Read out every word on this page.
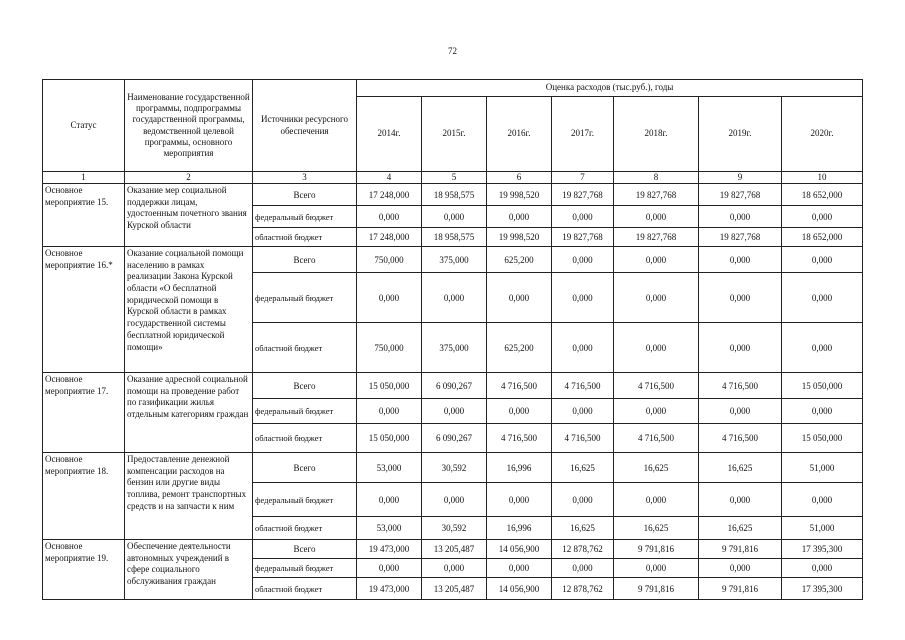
72
Статус	Наименование государственной программы, подпрограммы государственной программы, ведомственной целевой программы, основного мероприятия	Источники ресурсного обеспечения	Оценка расходов (тыс.руб.), годы						
			2014г.	2015г.	2016г.	2017г.	2018г.	2019г.	2020г.
1	2	3	4	5	6	7	8	9	10
Основное мероприятие 15.	Оказание мер социальной поддержки лицам, удостоенным почетного звания Курской области	Всего	17 248,000	18 958,575	19 998,520	19 827,768	19 827,768	19 827,768	18 652,000
		федеральный бюджет	0,000	0,000	0,000	0,000	0,000	0,000	0,000
		областной бюджет	17 248,000	18 958,575	19 998,520	19 827,768	19 827,768	19 827,768	18 652,000
Основное мероприятие 16.*	Оказание социальной помощи населению в рамках реализации Закона Курской области «О бесплатной юридической помощи в Курской области в рамках государственной системы бесплатной юридической помощи»	Всего	750,000	375,000	625,200	0,000	0,000	0,000	0,000
		федеральный бюджет	0,000	0,000	0,000	0,000	0,000	0,000	0,000
		областной бюджет	750,000	375,000	625,200	0,000	0,000	0,000	0,000
Основное мероприятие 17.	Оказание адресной социальной помощи на проведение работ по газификации жилья отдельным категориям граждан	Всего	15 050,000	6 090,267	4 716,500	4 716,500	4 716,500	4 716,500	15 050,000
		федеральный бюджет	0,000	0,000	0,000	0,000	0,000	0,000	0,000
		областной бюджет	15 050,000	6 090,267	4 716,500	4 716,500	4 716,500	4 716,500	15 050,000
Основное мероприятие 18.	Предоставление денежной компенсации расходов на бензин или другие виды топлива, ремонт транспортных средств и на запчасти к ним	Всего	53,000	30,592	16,996	16,625	16,625	16,625	51,000
		федеральный бюджет	0,000	0,000	0,000	0,000	0,000	0,000	0,000
		областной бюджет	53,000	30,592	16,996	16,625	16,625	16,625	51,000
Основное мероприятие 19.	Обеспечение деятельности автономных учреждений в сфере социального обслуживания граждан	Всего	19 473,000	13 205,487	14 056,900	12 878,762	9 791,816	9 791,816	17 395,300
		федеральный бюджет	0,000	0,000	0,000	0,000	0,000	0,000	0,000
		областной бюджет	19 473,000	13 205,487	14 056,900	12 878,762	9 791,816	9 791,816	17 395,300
